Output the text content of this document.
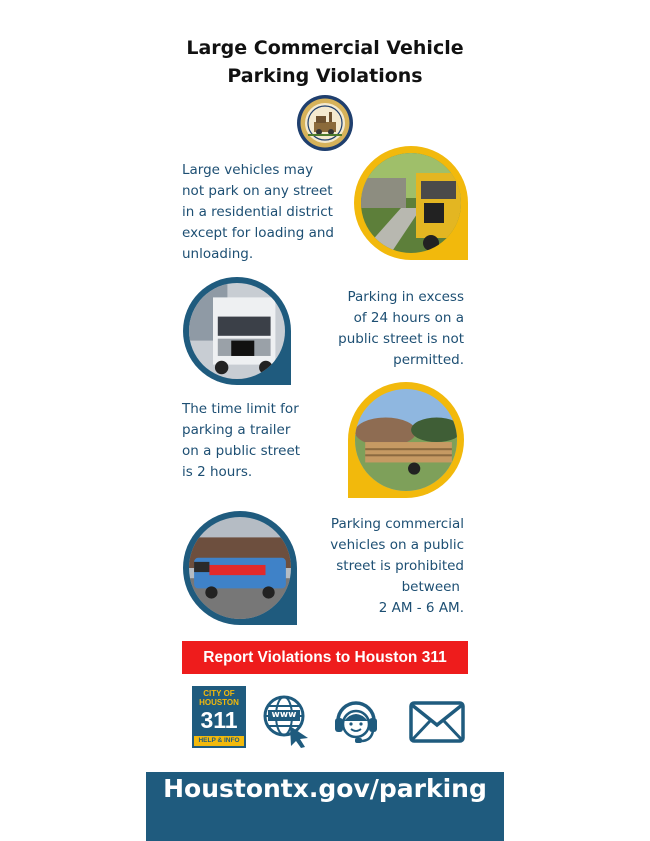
Large Commercial Vehicle
Parking Violations
Large vehicles may
not park on any street
in a residential district
except for loading and
unloading.
Parking in excess
of 24 hours on a
public street is not
permitted.
The time limit for
parking a trailer
on a public street
is 2 hours.
Parking commercial
vehicles on a public
street is prohibited
between
2 AM - 6 AM.
Report Violations to Houston 311
CITY OF
HOUSTON
311
HELP & INFO
www
Houstontx.gov/parking
